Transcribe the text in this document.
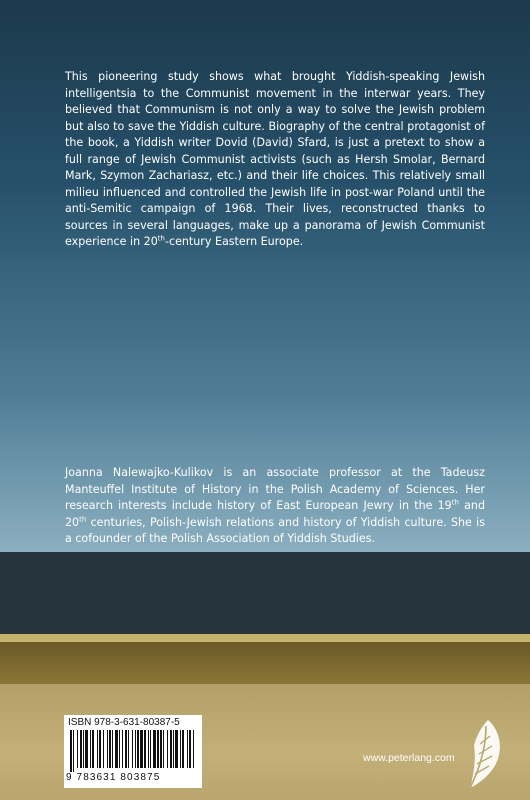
This pioneering study shows what brought Yiddish-speaking Jewish intelligentsia to the Communist movement in the interwar years. They believed that Communism is not only a way to solve the Jewish problem but also to save the Yiddish culture. Biography of the central protagonist of the book, a Yiddish writer Dovid (David) Sfard, is just a pretext to show a full range of Jewish Communist activists (such as Hersh Smolar, Bernard Mark, Szymon Zachariasz, etc.) and their life choices. This relatively small milieu influenced and controlled the Jewish life in post-war Poland until the anti-Semitic campaign of 1968. Their lives, reconstructed thanks to sources in several languages, make up a panorama of Jewish Communist experience in 20th-century Eastern Europe.

Joanna Nalewajko-Kulikov is an associate professor at the Tadeusz Manteuffel Institute of History in the Polish Academy of Sciences. Her research interests include history of East European Jewry in the 19th and 20th centuries, Polish-Jewish relations and history of Yiddish culture. She is a cofounder of the Polish Association of Yiddish Studies.

ISBN 978-3-631-80387-5
9 783631 803875
www.peterlang.com
